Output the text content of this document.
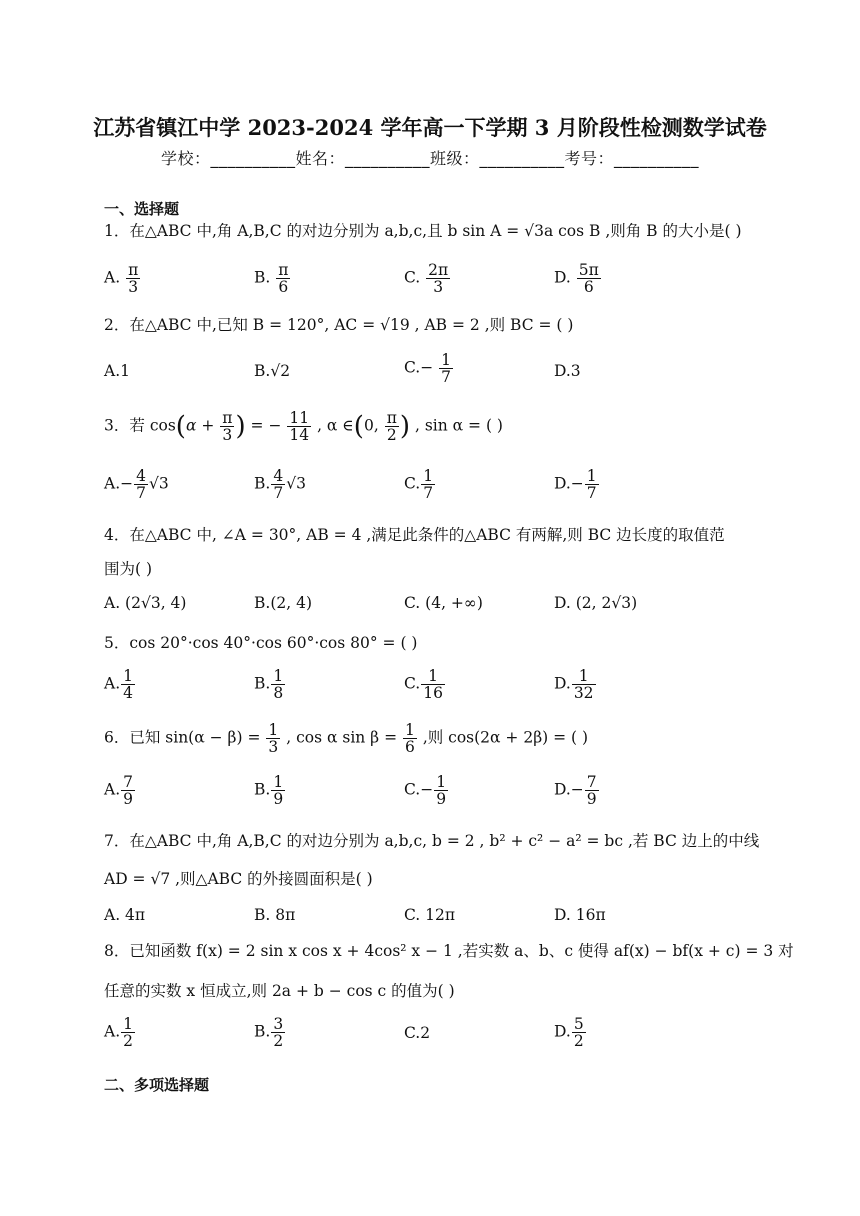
江苏省镇江中学 2023-2024 学年高一下学期 3 月阶段性检测数学试卷
学校：__________姓名：__________班级：__________考号：__________
一、选择题
1．在△ABC 中,角 A,B,C 的对边分别为 a,b,c,且 b sin A = √3a cos B ,则角 B 的大小是( )
A. $\frac{\pi}{3}$	B. $\frac{\pi}{6}$	C. $\frac{2\pi}{3}$	D. $\frac{5\pi}{6}$
2．在△ABC 中,已知 B = 120°, AC = √19 , AB = 2 ,则 BC = ( )
A.1	B.√2	$C.- \frac{1}{7}$	D.3
3．若 $\cos(\alpha + \frac{\pi}{3}$ ) = − $\frac{11}{14}$ , α ∈(0, $\frac{\pi}{2}$ ) , sin α = ( )
$A.- \frac{4}{7} √3$	B. $\frac{4}{7} √3$	C. $\frac{1}{7}$	$D.- \frac{1}{7}$
4．在△ABC 中, ∠A = 30°, AB = 4 ,满足此条件的△ABC 有两解,则 BC 边长度的取值范
围为( )
A. (2√3, 4)	B.(2, 4)	C. (4, +∞)	D. (2, 2√3)
5．cos 20°·cos 40°·cos 60°·cos 80° = ( )
A. $\frac{1}{4}$	B. $\frac{1}{8}$	C. $\frac{1}{16}$	D. $\frac{1}{32}$
6．已知 $\sin(\alpha - \beta) = \frac{1}{3}$ , cos α $\sin \beta = \frac{1}{6}$ ,则 cos(2α + 2β) = ( )
A. $\frac{7}{9}$	B. $\frac{1}{9}$	$C.- \frac{1}{9}$	$D.- \frac{7}{9}$
7．在△ABC 中,角 A,B,C 的对边分别为 a,b,c, b = 2 , b² + c² − a² = bc ,若 BC 边上的中线
AD = √7 ,则△ABC 的外接圆面积是( )
A. 4π	B. 8π	C. 12π	D. 16π
8．已知函数 f(x) = 2 sin x cos x + 4cos² x − 1 ,若实数 a、b、c 使得 af(x) − bf(x + c) = 3 对
任意的实数 x 恒成立,则 2a + b − cos c 的值为( )
A. $\frac{1}{2}$	B. $\frac{3}{2}$	C.2	D. $\frac{5}{2}$
二、多项选择题
